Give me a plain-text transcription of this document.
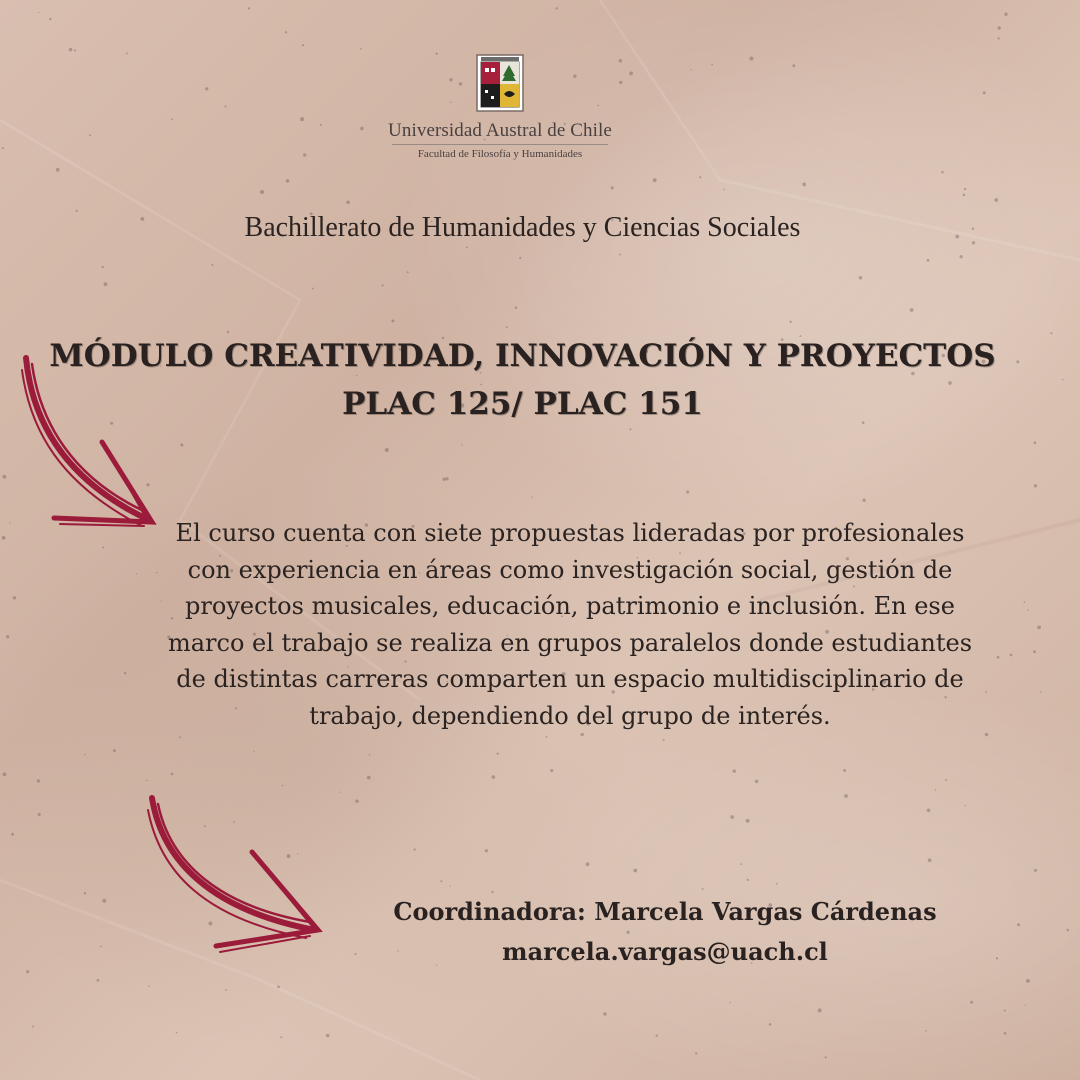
Universidad Austral de Chile
Facultad de Filosofía y Humanidades
Bachillerato de Humanidades y Ciencias Sociales
MÓDULO CREATIVIDAD, INNOVACIÓN Y PROYECTOS
PLAC 125/ PLAC 151
El curso cuenta con siete propuestas lideradas por profesionales con experiencia en áreas como investigación social, gestión de proyectos musicales, educación, patrimonio e inclusión. En ese marco el trabajo se realiza en grupos paralelos donde estudiantes de distintas carreras comparten un espacio multidisciplinario de trabajo, dependiendo del grupo de interés.
Coordinadora: Marcela Vargas Cárdenas
marcela.vargas@uach.cl
